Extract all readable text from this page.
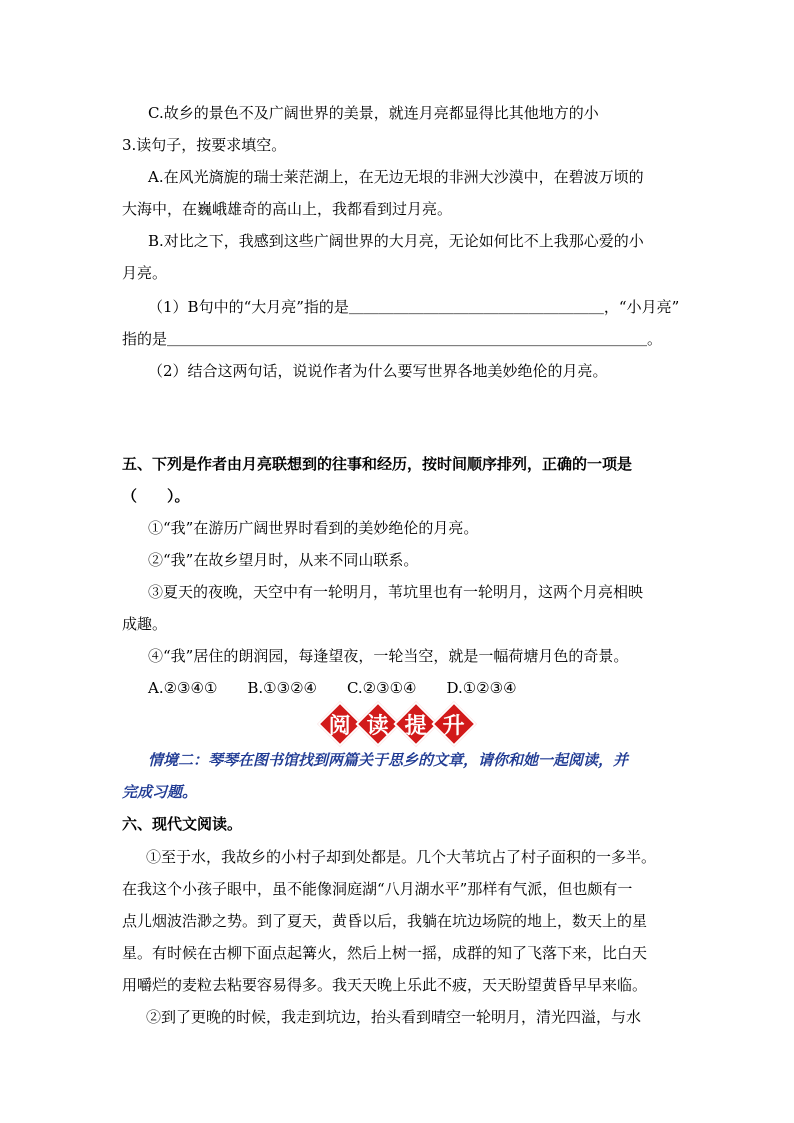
C.故乡的景色不及广阔世界的美景，就连月亮都显得比其他地方的小
3.读句子，按要求填空。
A.在风光旖旎的瑞士莱茫湖上，在无边无垠的非洲大沙漠中，在碧波万顷的
大海中，在巍峨雄奇的高山上，我都看到过月亮。
B.对比之下，我感到这些广阔世界的大月亮，无论如何比不上我那心爱的小
月亮。
（1）B句中的“大月亮”指的是＿＿＿＿＿＿＿＿＿＿＿＿＿＿＿＿＿，“小月亮”
指的是＿＿＿＿＿＿＿＿＿＿＿＿＿＿＿＿＿＿＿＿＿＿＿＿＿＿＿＿＿＿＿＿。
（2）结合这两句话，说说作者为什么要写世界各地美妙绝伦的月亮。
五、下列是作者由月亮联想到的往事和经历，按时间顺序排列，正确的一项是
（　　）。
①“我”在游历广阔世界时看到的美妙绝伦的月亮。
②“我”在故乡望月时，从来不同山联系。
③夏天的夜晚，天空中有一轮明月，苇坑里也有一轮明月，这两个月亮相映
成趣。
④“我”居住的朗润园，每逢望夜，一轮当空，就是一幅荷塘月色的奇景。
A.②③④①　　B.①③②④　　C.②③①④　　D.①②③④
阅 读 提 升
情境二：琴琴在图书馆找到两篇关于思乡的文章，请你和她一起阅读，并
完成习题。
六、现代文阅读。
①至于水，我故乡的小村子却到处都是。几个大苇坑占了村子面积的一多半。
在我这个小孩子眼中，虽不能像洞庭湖“八月湖水平”那样有气派，但也颇有一
点儿烟波浩渺之势。到了夏天，黄昏以后，我躺在坑边场院的地上，数天上的星
星。有时候在古柳下面点起篝火，然后上树一摇，成群的知了飞落下来，比白天
用嚼烂的麦粒去粘要容易得多。我天天晚上乐此不疲，天天盼望黄昏早早来临。
②到了更晚的时候，我走到坑边，抬头看到晴空一轮明月，清光四溢，与水
